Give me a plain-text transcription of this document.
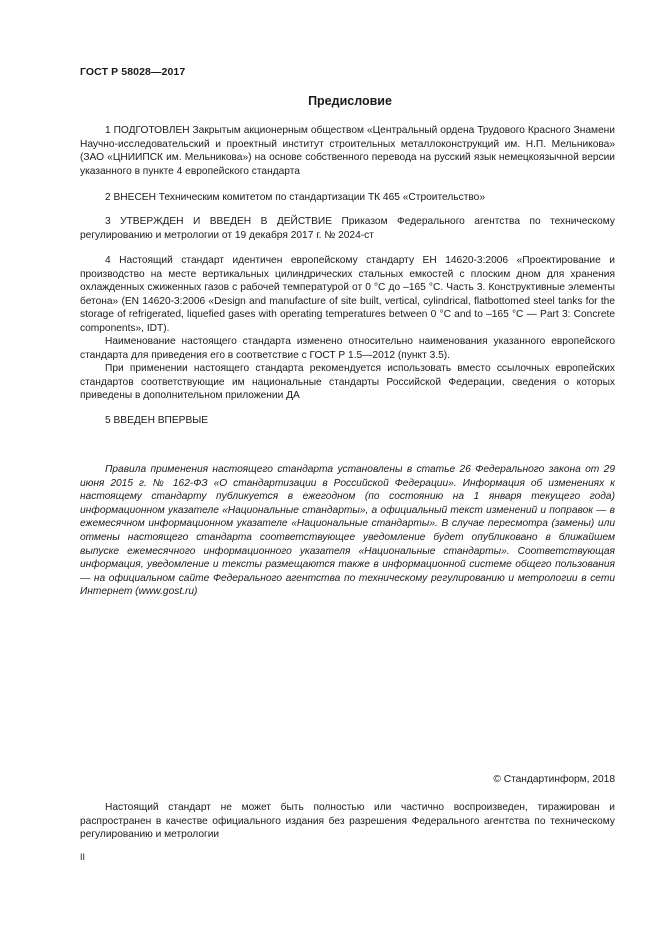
ГОСТ Р 58028—2017
Предисловие

1 ПОДГОТОВЛЕН Закрытым акционерным обществом «Центральный ордена Трудового Красного Знамени Научно-исследовательский и проектный институт строительных металлоконструкций им. Н.П. Мельникова» (ЗАО «ЦНИИПСК им. Мельникова») на основе собственного перевода на русский язык немецкоязычной версии указанного в пункте 4 европейского стандарта

2 ВНЕСЕН Техническим комитетом по стандартизации ТК 465 «Строительство»

3 УТВЕРЖДЕН И ВВЕДЕН В ДЕЙСТВИЕ Приказом Федерального агентства по техническому регулированию и метрологии от 19 декабря 2017 г. № 2024-ст

4 Настоящий стандарт идентичен европейскому стандарту ЕН 14620-3:2006 «Проектирование и производство на месте вертикальных цилиндрических стальных емкостей с плоским дном для хранения охлажденных сжиженных газов с рабочей температурой от 0 °С до –165 °С. Часть 3. Конструктивные элементы бетона» (EN 14620-3:2006 «Design and manufacture of site built, vertical, cylindrical, flatbottomed steel tanks for the storage of refrigerated, liquefied gases with operating temperatures between 0 °C and to –165 °C — Part 3: Concrete components», IDT).

Наименование настоящего стандарта изменено относительно наименования указанного европейского стандарта для приведения его в соответствие с ГОСТ Р 1.5—2012 (пункт 3.5).

При применении настоящего стандарта рекомендуется использовать вместо ссылочных европейских стандартов соответствующие им национальные стандарты Российской Федерации, сведения о которых приведены в дополнительном приложении ДА

5 ВВЕДЕН ВПЕРВЫЕ

Правила применения настоящего стандарта установлены в статье 26 Федерального закона от 29 июня 2015 г. № 162-ФЗ «О стандартизации в Российской Федерации». Информация об изменениях к настоящему стандарту публикуется в ежегодном (по состоянию на 1 января текущего года) информационном указателе «Национальные стандарты», а официальный текст изменений и поправок — в ежемесячном информационном указателе «Национальные стандарты». В случае пересмотра (замены) или отмены настоящего стандарта соответствующее уведомление будет опубликовано в ближайшем выпуске ежемесячного информационного указателя «Национальные стандарты». Соответствующая информация, уведомление и тексты размещаются также в информационной системе общего пользования — на официальном сайте Федерального агентства по техническому регулированию и метрологии в сети Интернет (www.gost.ru)

© Стандартинформ, 2018

Настоящий стандарт не может быть полностью или частично воспроизведен, тиражирован и распространен в качестве официального издания без разрешения Федерального агентства по техническому регулированию и метрологии

II
